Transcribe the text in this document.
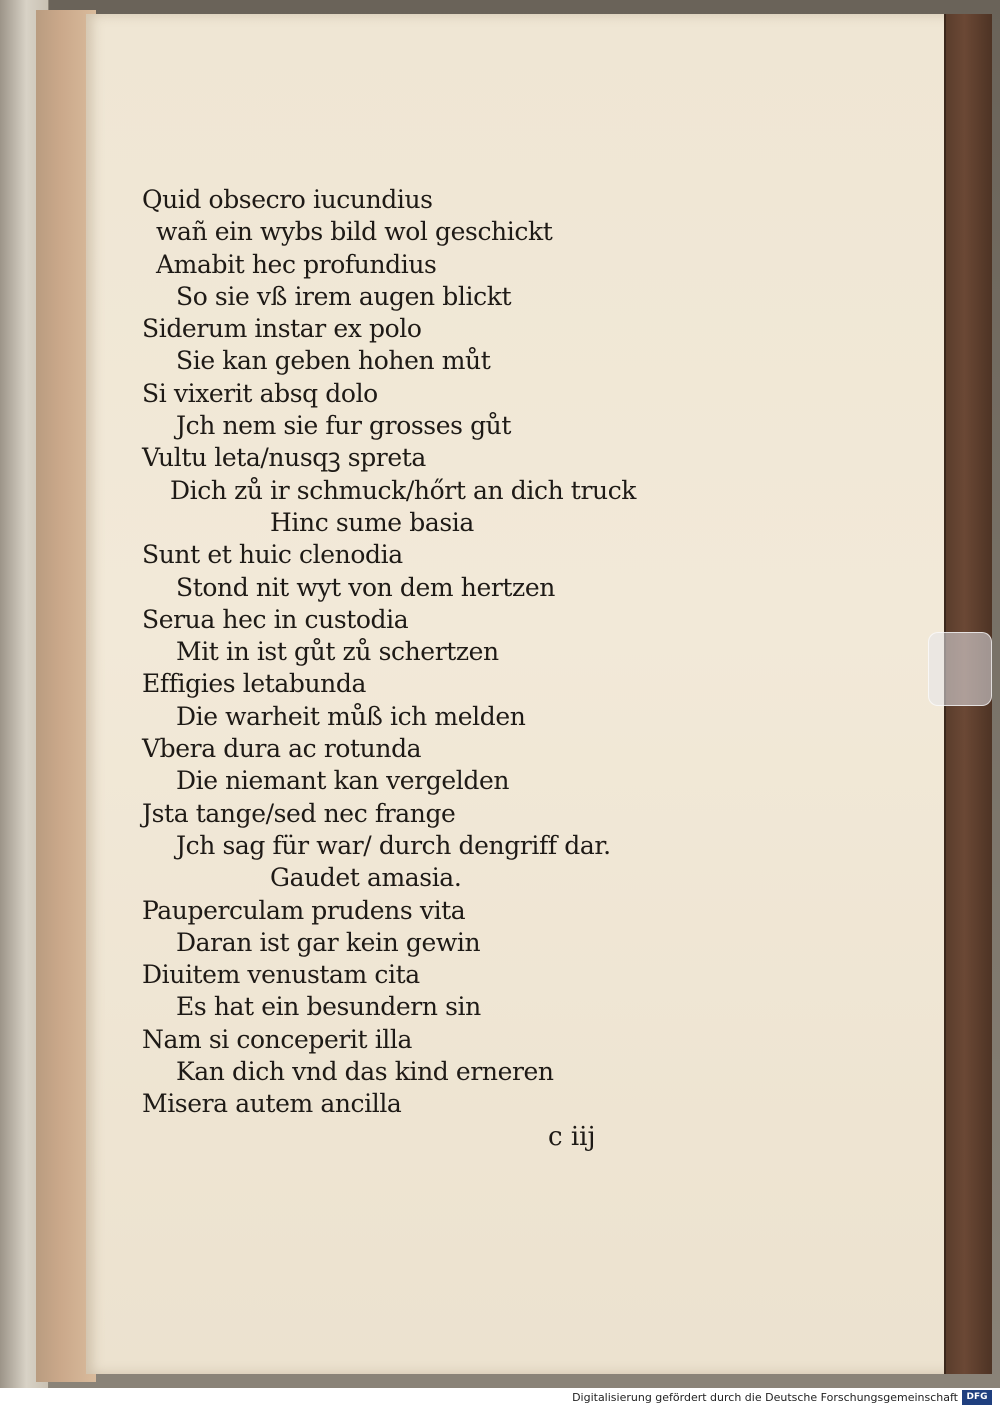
Quid obsecro iucundius
wañ ein wybs bild wol geschickt
Amabit hec profundius
So sie vß irem augen blickt
Siderum instar ex polo
Sie kan geben hohen můt
Si vixerit absq dolo
Jch nem sie fur grosses gůt
Vultu leta/nusqꝫ spreta
Dich zů ir schmuck/hőrt an dich truck
Hinc sume basia
Sunt et huic clenodia
Stond nit wyt von dem hertzen
Serua hec in custodia
Mit in ist gůt zů schertzen
Effigies letabunda
Die warheit můß ich melden
Vbera dura ac rotunda
Die niemant kan vergelden
Jsta tange/sed nec frange
Jch sag für war/ durch dengriff dar.
Gaudet amasia.
Pauperculam prudens vita
Daran ist gar kein gewin
Diuitem venustam cita
Es hat ein besundern sin
Nam si conceperit illa
Kan dich vnd das kind erneren
Misera autem ancilla
c iij
Digitalisierung gefördert durch die Deutsche Forschungsgemeinschaft DFG
